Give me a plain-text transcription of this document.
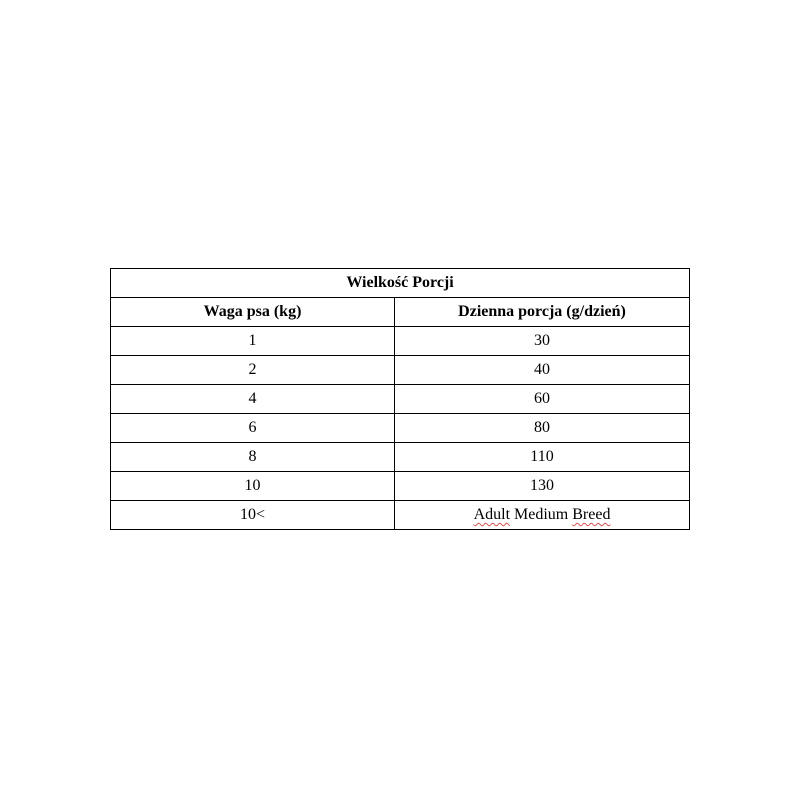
Wielkość Porcji	
Waga psa (kg)	Dzienna porcja (g/dzień)
1	30
2	40
4	60
6	80
8	110
10	130
10<	Adult Medium Breed
